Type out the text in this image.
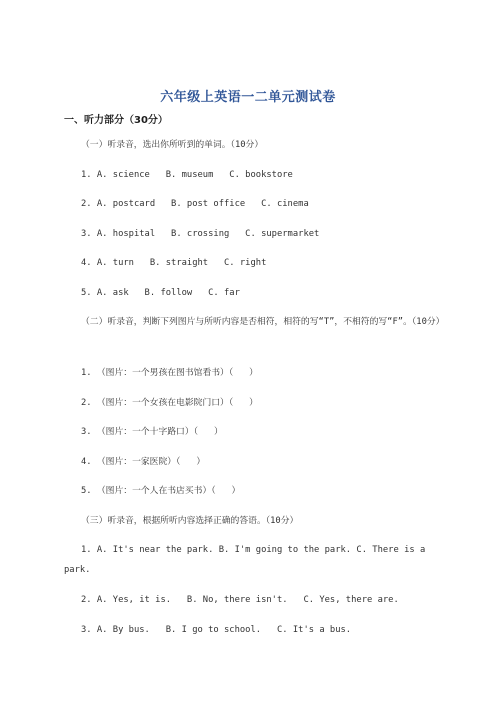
六年级上英语一二单元测试卷
一、听力部分（30分）
（一）听录音，选出你所听到的单词。（10分）
1. A. science   B. museum   C. bookstore
2. A. postcard   B. post office   C. cinema
3. A. hospital   B. crossing   C. supermarket
4. A. turn   B. straight   C. right
5. A. ask   B. follow   C. far
（二）听录音，判断下列图片与所听内容是否相符，相符的写“T”，不相符的写“F”。（10分）
1. （图片：一个男孩在图书馆看书）（   ）
2. （图片：一个女孩在电影院门口）（   ）
3. （图片：一个十字路口）（   ）
4. （图片：一家医院）（   ）
5. （图片：一个人在书店买书）（   ）
（三）听录音，根据所听内容选择正确的答语。（10分）
1. A. It's near the park. B. I'm going to the park. C. There is a park.
2. A. Yes, it is.   B. No, there isn't.   C. Yes, there are.
3. A. By bus.   B. I go to school.   C. It's a bus.
